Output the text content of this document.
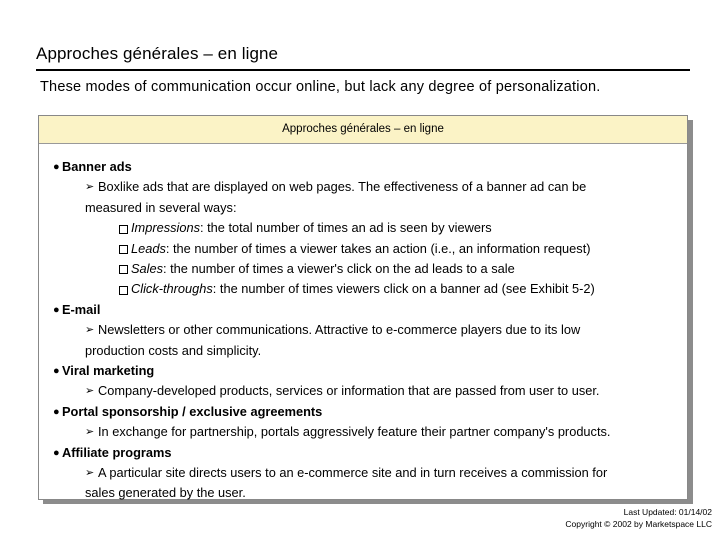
Approches générales – en ligne
These modes of communication occur online, but lack any degree of personalization.
Approches générales – en ligne
● Banner ads
➢ Boxlike ads that are displayed on web pages. The effectiveness of a banner ad can be
measured in several ways:
Impressions: the total number of times an ad is seen by viewers
Leads: the number of times a viewer takes an action (i.e., an information request)
Sales: the number of times a viewer's click on the ad leads to a sale
Click-throughs: the number of times viewers click on a banner ad (see Exhibit 5-2)
● E-mail
➢ Newsletters or other communications. Attractive to e-commerce players due to its low
production costs and simplicity.
● Viral marketing
➢ Company-developed products, services or information that are passed from user to user.
● Portal sponsorship / exclusive agreements
➢ In exchange for partnership, portals aggressively feature their partner company's products.
● Affiliate programs
➢ A particular site directs users to an e-commerce site and in turn receives a commission for
sales generated by the user.
Last Updated: 01/14/02
Copyright © 2002 by Marketspace LLC
